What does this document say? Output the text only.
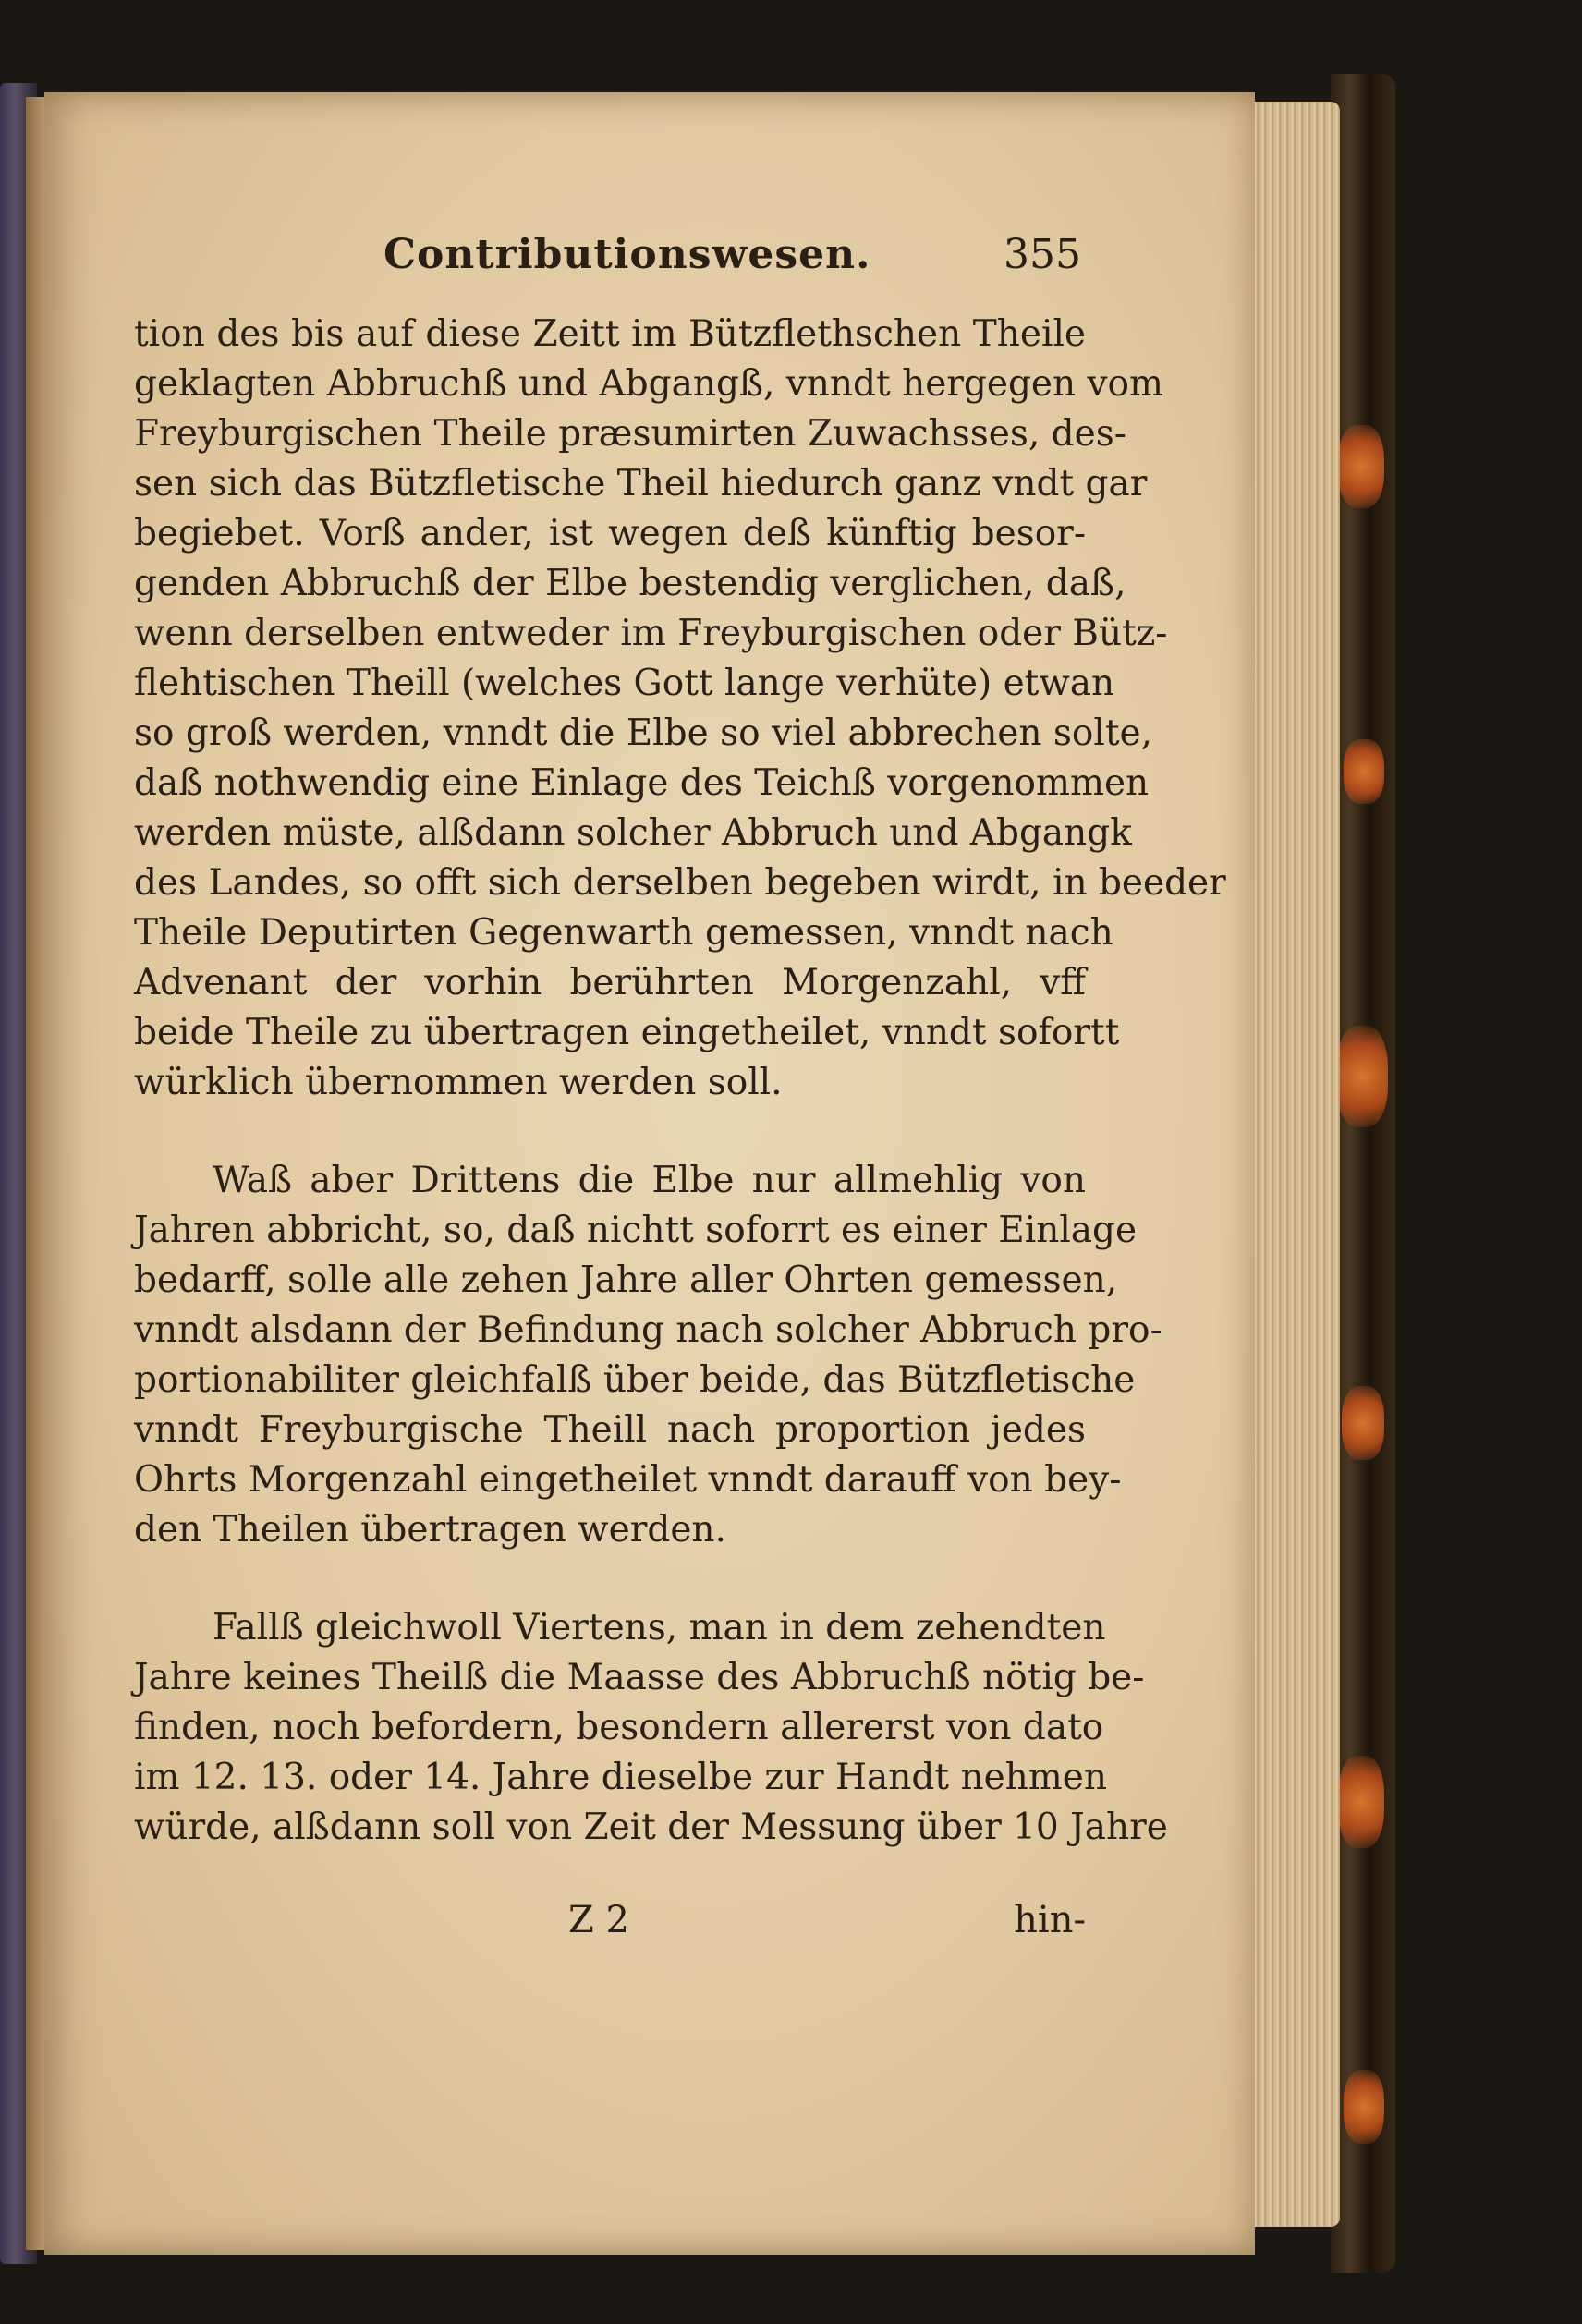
Contributionswesen.	355
tion des bis auf diese Zeitt im Bützflethschen Theile
geklagten Abbruchß und Abgangß, vnndt hergegen vom
Freyburgischen Theile præsumirten Zuwachsses, des-
sen sich das Bützfletische Theil hiedurch ganz vndt gar
begiebet. Vorß ander, ist wegen deß künftig besor-
genden Abbruchß der Elbe bestendig verglichen, daß,
wenn derselben entweder im Freyburgischen oder Bütz-
flehtischen Theill (welches Gott lange verhüte) etwan
so groß werden, vnndt die Elbe so viel abbrechen solte,
daß nothwendig eine Einlage des Teichß vorgenommen
werden müste, alßdann solcher Abbruch und Abgangk
des Landes, so offt sich derselben begeben wirdt, in beeder
Theile Deputirten Gegenwarth gemessen, vnndt nach
Advenant der vorhin berührten Morgenzahl, vff
beide Theile zu übertragen eingetheilet, vnndt sofortt
würklich übernommen werden soll.
Waß aber Drittens die Elbe nur allmehlig von
Jahren abbricht, so, daß nichtt soforrt es einer Einlage
bedarff, solle alle zehen Jahre aller Ohrten gemessen,
vnndt alsdann der Befindung nach solcher Abbruch pro-
portionabiliter gleichfalß über beide, das Bützfletische
vnndt Freyburgische Theill nach proportion jedes
Ohrts Morgenzahl eingetheilet vnndt darauff von bey-
den Theilen übertragen werden.
Fallß gleichwoll Viertens, man in dem zehendten
Jahre keines Theilß die Maasse des Abbruchß nötig be-
finden, noch befordern, besondern allererst von dato
im 12. 13. oder 14. Jahre dieselbe zur Handt nehmen
würde, alßdann soll von Zeit der Messung über 10 Jahre
Z 2	hin-
